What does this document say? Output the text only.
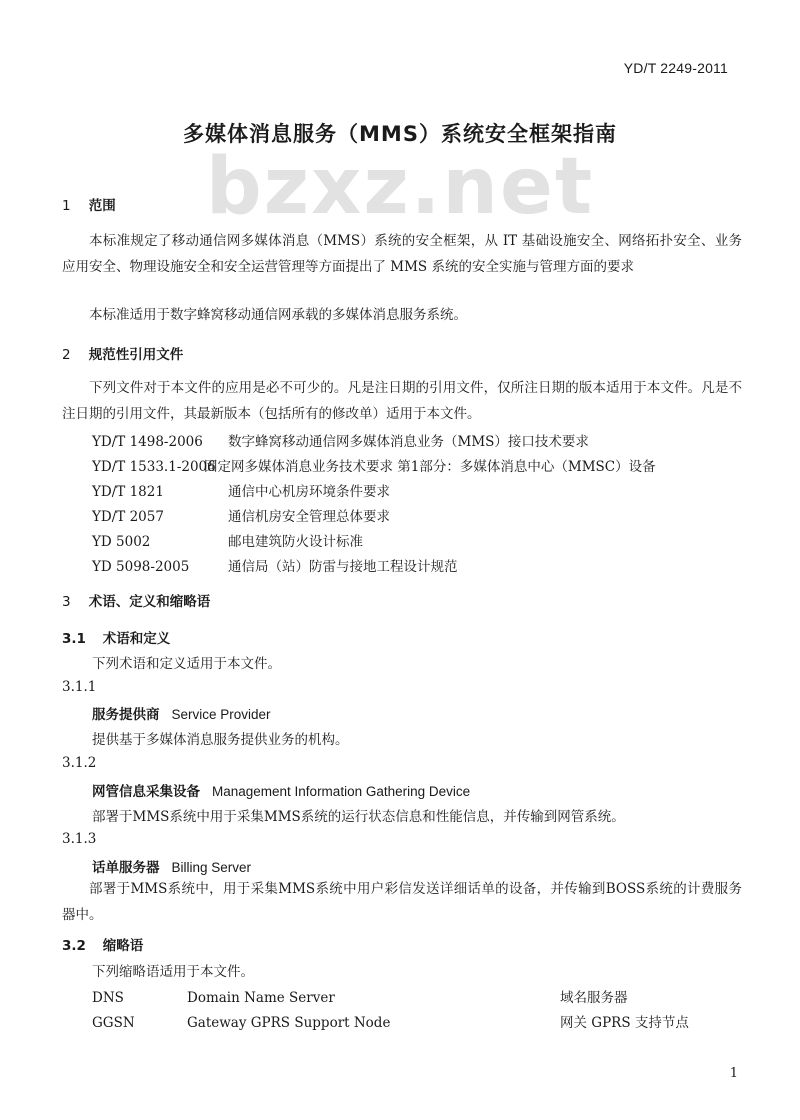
YD/T 2249-2011
bzxz.net
多媒体消息服务（MMS）系统安全框架指南
1 范围

本标准规定了移动通信网多媒体消息（MMS）系统的安全框架，从 IT 基础设施安全、网络拓扑安全、业务应用安全、物理设施安全和安全运营管理等方面提出了 MMS 系统的安全实施与管理方面的要求

本标准适用于数字蜂窝移动通信网承载的多媒体消息服务系统。

2 规范性引用文件

下列文件对于本文件的应用是必不可少的。凡是注日期的引用文件，仅所注日期的版本适用于本文件。凡是不注日期的引用文件，其最新版本（包括所有的修改单）适用于本文件。

YD/T 1498-2006 数字蜂窝移动通信网多媒体消息业务（MMS）接口技术要求
YD/T 1533.1-2006固定网多媒体消息业务技术要求 第1部分：多媒体消息中心（MMSC）设备
YD/T 1821	通信中心机房环境条件要求
YD/T 2057	通信机房安全管理总体要求
YD 5002	邮电建筑防火设计标准
YD 5098-2005	通信局（站）防雷与接地工程设计规范
3 术语、定义和缩略语
3.1 术语和定义
下列术语和定义适用于本文件。
3.1.1
服务提供商 Service Provider
提供基于多媒体消息服务提供业务的机构。
3.1.2
网管信息采集设备 Management Information Gathering Device
部署于MMS系统中用于采集MMS系统的运行状态信息和性能信息，并传输到网管系统。
3.1.3
话单服务器 Billing Server

部署于MMS系统中，用于采集MMS系统中用户彩信发送详细话单的设备，并传输到BOSS系统的计费服务器中。

3.2 缩略语
下列缩略语适用于本文件。
DNS	Domain Name Server	域名服务器
GGSN	Gateway GPRS Support Node	网关 GPRS 支持节点
1
